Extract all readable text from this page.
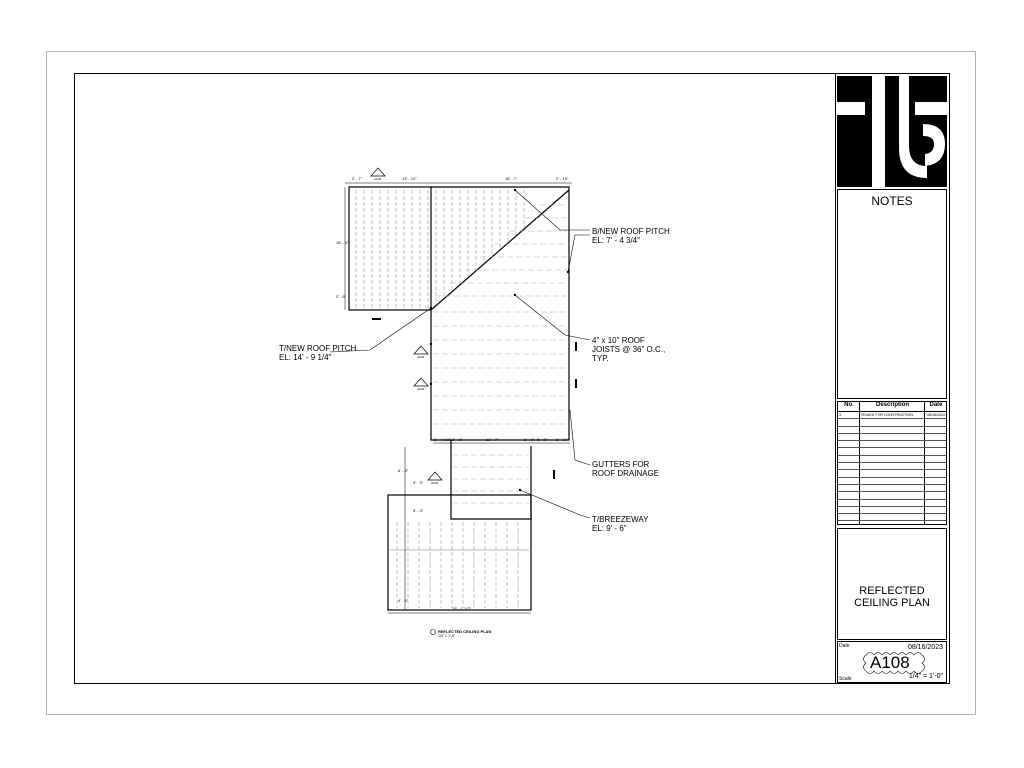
2' - 7"	13' - 10"	16' - 7"	2' - 10"
16' - 4"
2' - 6"
3' - 4 1/2" 2' - 2"	13' - 7"	2' - 0" 5' - 2" 2' - 10"
6' - 8"
3' - 3"
5' - 3"
4' - 6"
15' - 1 1/2"
A108
A108
A108
A108
B/NEW ROOF PITCH
EL: 7' - 4 3/4"
T/NEW ROOF PITCH
EL: 14' - 9 1/4"
4" x 10" ROOF
JOISTS @ 36" O.C.,
TYP.
GUTTERS FOR
ROOF DRAINAGE
T/BREEZEWAY
EL: 9' - 6"
REFLECTED CEILING PLAN
1/4" = 1'-0"
NOTES
No.	Description	Date
3	ISSUED FOR CONSTRUCTION	08/16/2023
REFLECTED
CEILING PLAN
Date	08/16/2023
A108
Scale	1/4" = 1'-0"
